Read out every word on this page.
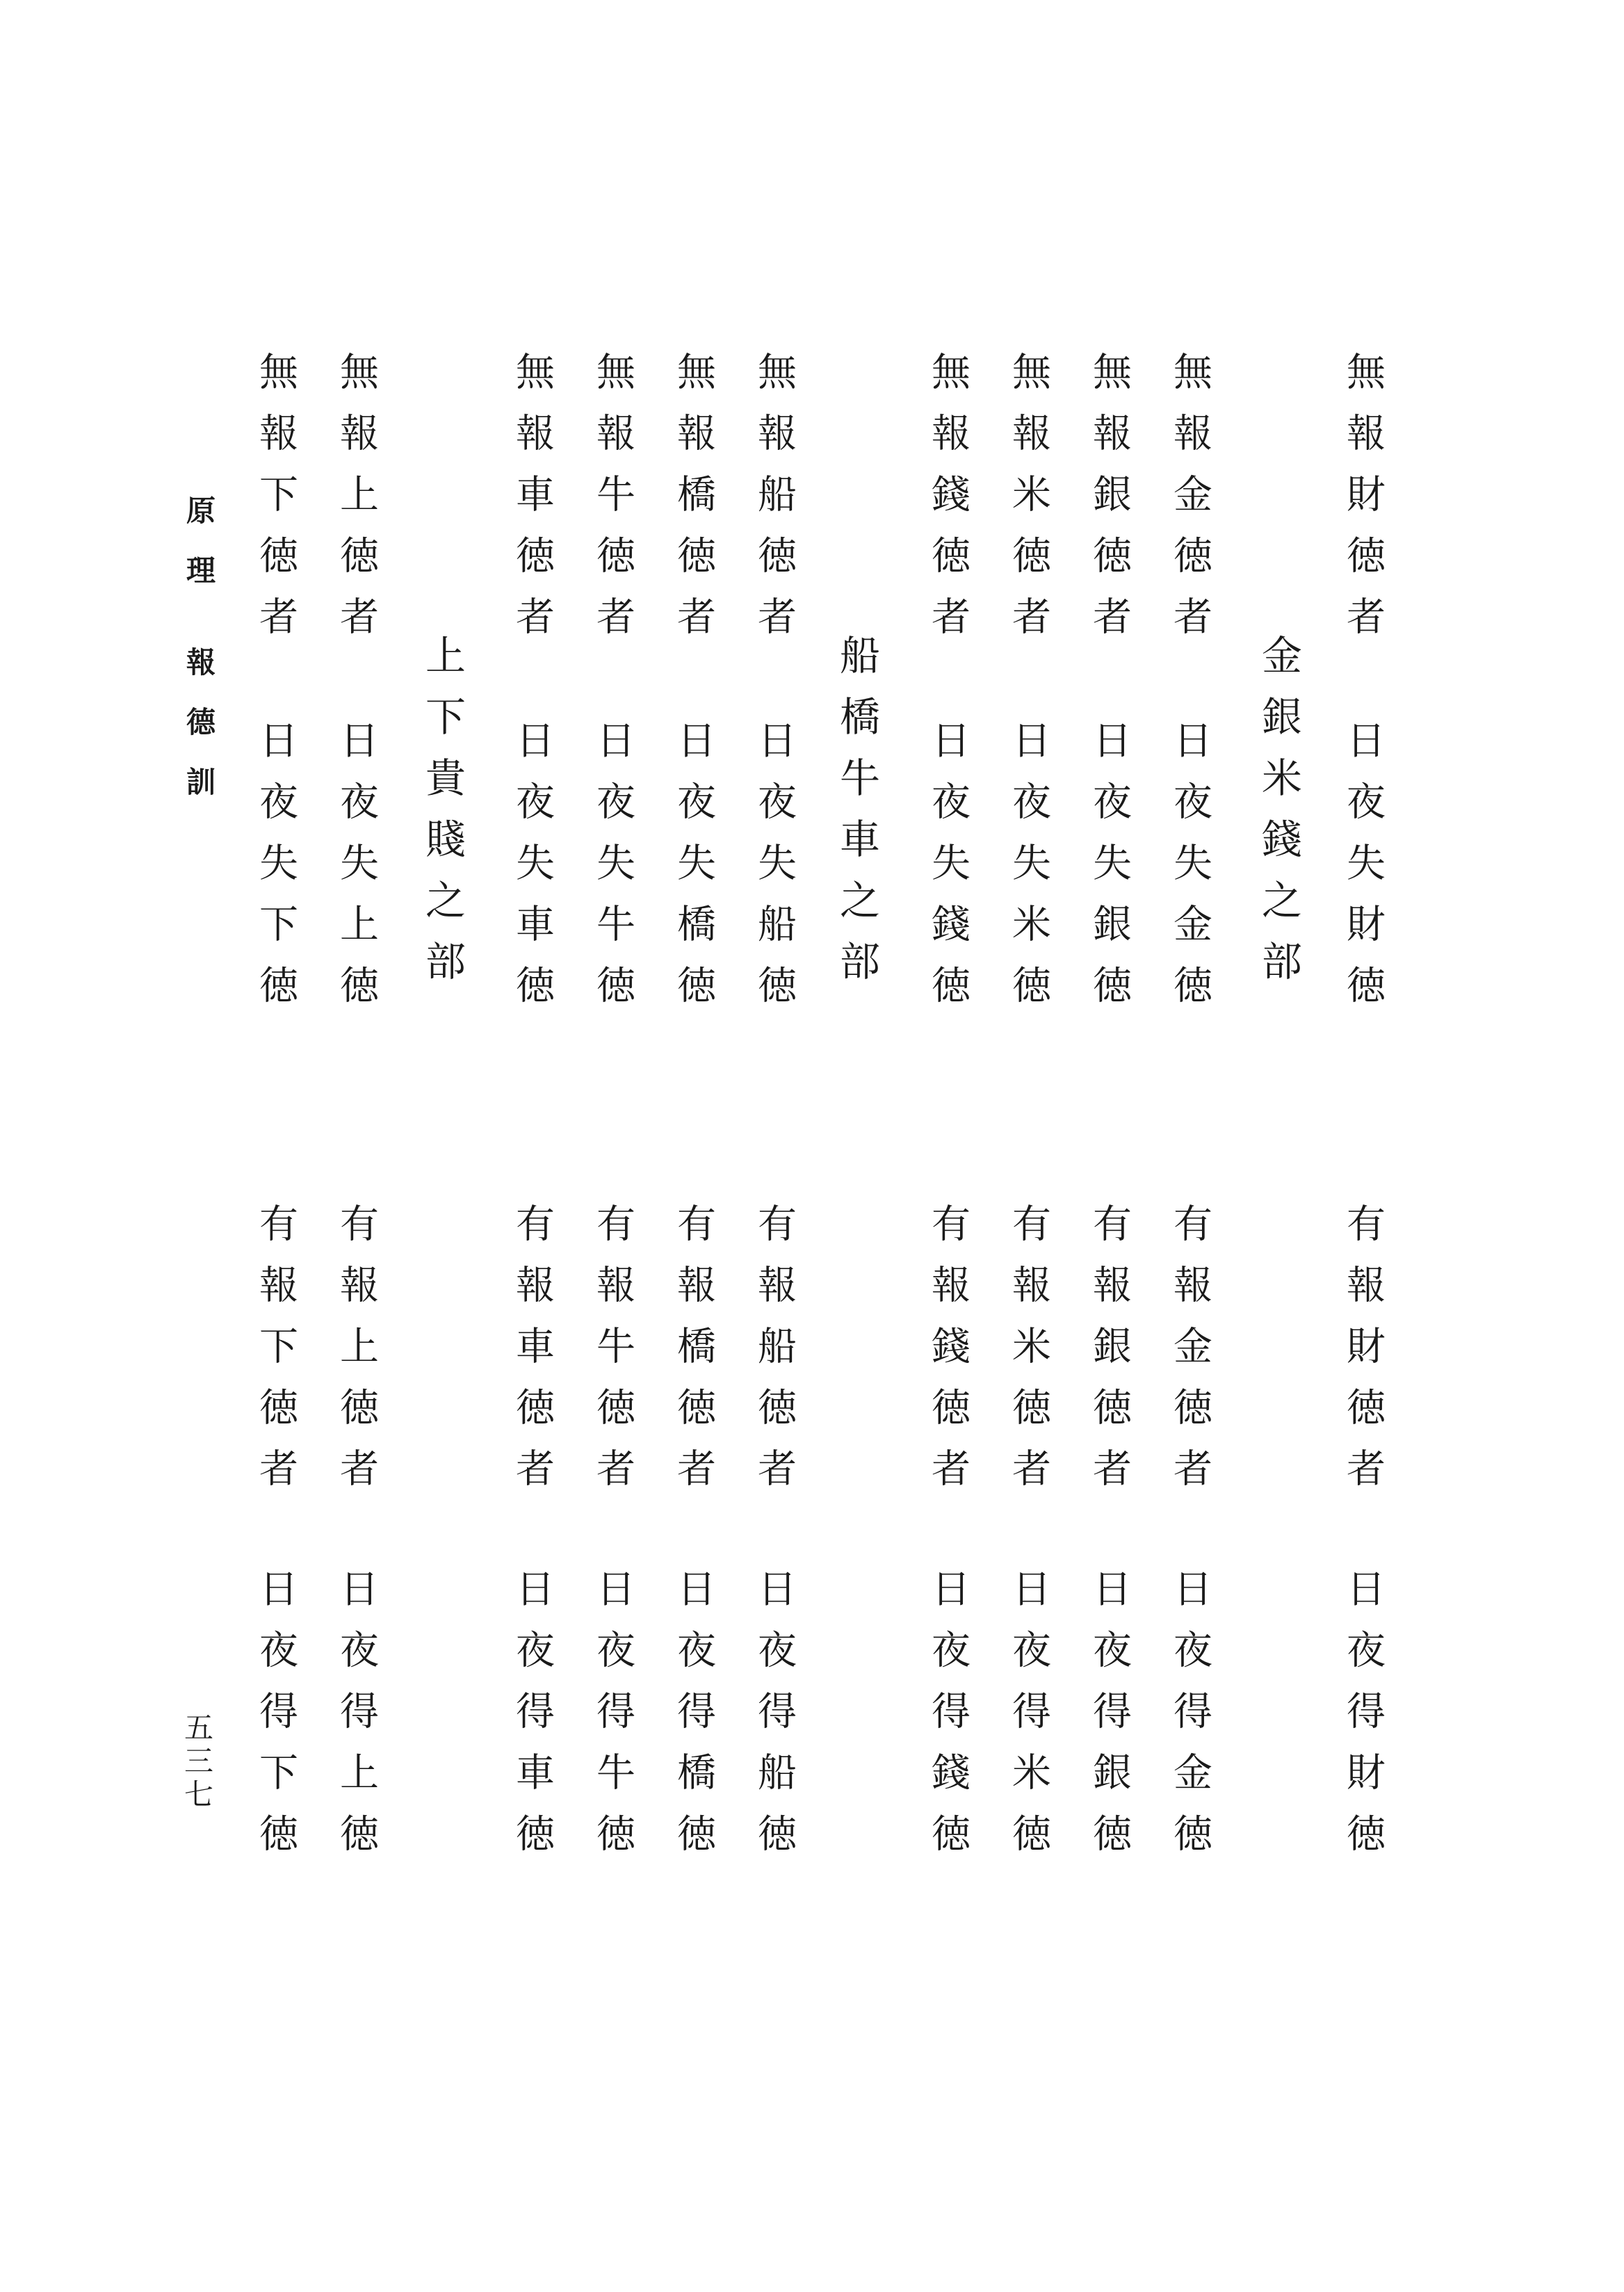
原理
報德訓
五三七
無報財徳者
日夜失財徳
金銀米錢之部
無報金徳者
日夜失金徳
無報銀徳者
日夜失銀徳
無報米徳者
日夜失米徳
無報錢徳者
日夜失錢徳
船橋牛車之部
無報船徳者
日夜失船徳
無報橋徳者
日夜失橋徳
無報牛徳者
日夜失牛徳
無報車徳者
日夜失車徳
上下貴賤之部
無報上徳者
日夜失上徳
無報下徳者
日夜失下徳
有報財徳者
日夜得財徳
有報金徳者
日夜得金徳
有報銀徳者
日夜得銀徳
有報米徳者
日夜得米徳
有報錢徳者
日夜得錢徳
有報船徳者
日夜得船徳
有報橋徳者
日夜得橋徳
有報牛徳者
日夜得牛徳
有報車徳者
日夜得車徳
有報上徳者
日夜得上徳
有報下徳者
日夜得下徳
